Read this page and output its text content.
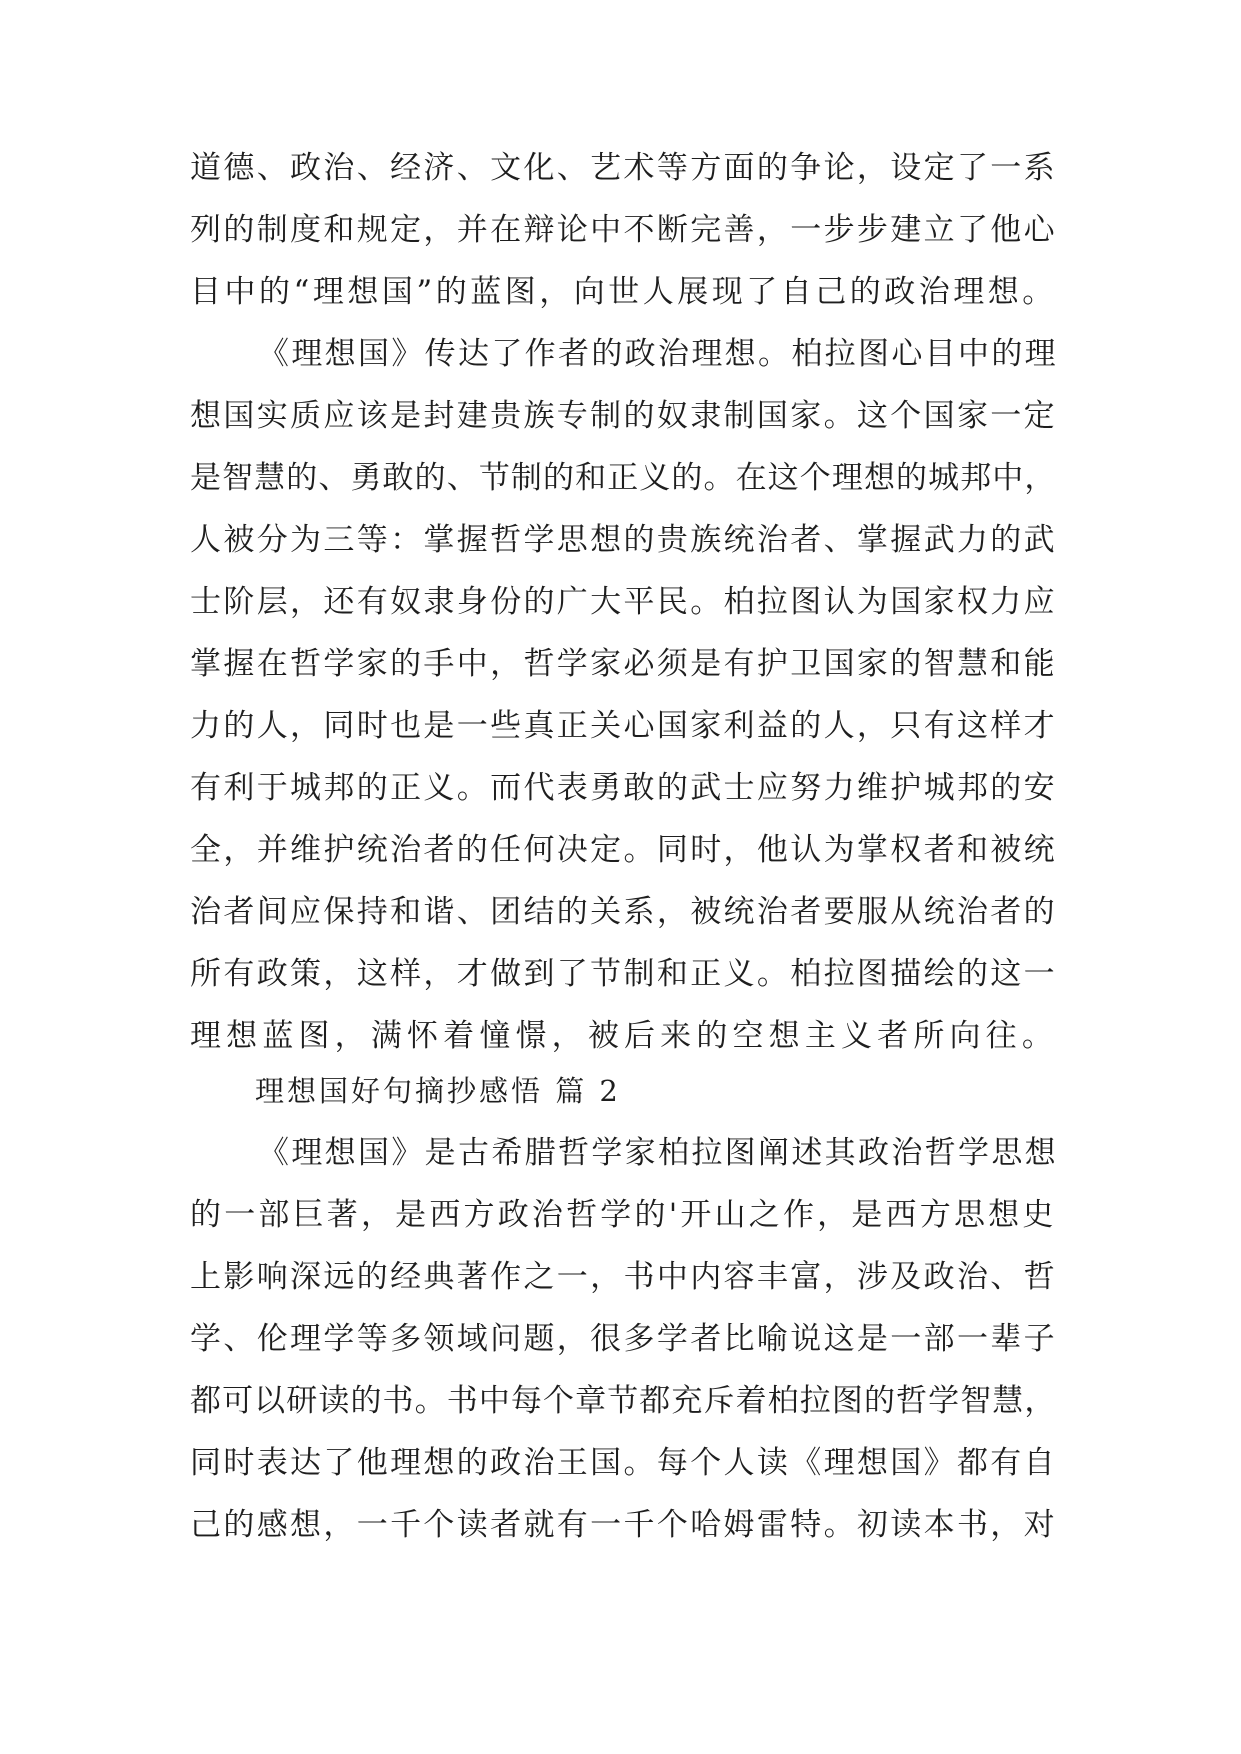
道德、政治、经济、文化、艺术等方面的争论，设定了一系
列的制度和规定，并在辩论中不断完善，一步步建立了他心
目中的“理想国”的蓝图，向世人展现了自己的政治理想。
《理想国》传达了作者的政治理想。柏拉图心目中的理
想国实质应该是封建贵族专制的奴隶制国家。这个国家一定
是智慧的、勇敢的、节制的和正义的。在这个理想的城邦中，
人被分为三等：掌握哲学思想的贵族统治者、掌握武力的武
士阶层，还有奴隶身份的广大平民。柏拉图认为国家权力应
掌握在哲学家的手中，哲学家必须是有护卫国家的智慧和能
力的人，同时也是一些真正关心国家利益的人，只有这样才
有利于城邦的正义。而代表勇敢的武士应努力维护城邦的安
全，并维护统治者的任何决定。同时，他认为掌权者和被统
治者间应保持和谐、团结的关系，被统治者要服从统治者的
所有政策，这样，才做到了节制和正义。柏拉图描绘的这一
理想蓝图，满怀着憧憬，被后来的空想主义者所向往。
理想国好句摘抄感悟 篇 2
《理想国》是古希腊哲学家柏拉图阐述其政治哲学思想
的一部巨著，是西方政治哲学的'开山之作，是西方思想史
上影响深远的经典著作之一，书中内容丰富，涉及政治、哲
学、伦理学等多领域问题，很多学者比喻说这是一部一辈子
都可以研读的书。书中每个章节都充斥着柏拉图的哲学智慧，
同时表达了他理想的政治王国。每个人读《理想国》都有自
己的感想，一千个读者就有一千个哈姆雷特。初读本书，对
